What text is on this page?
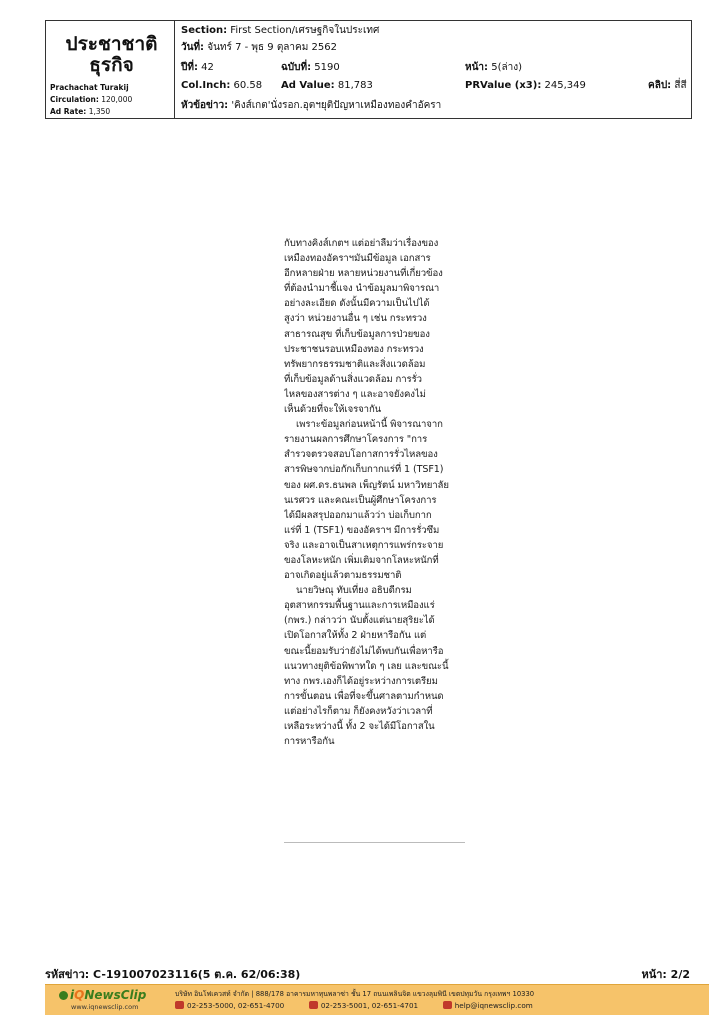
ประชาชาติ
ธุรกิจ
Prachachat Turakij
Circulation: 120,000
Ad Rate: 1,350
Section: First Section/เศรษฐกิจในประเทศ
วันที่: จันทร์ 7 - พุธ 9 ตุลาคม 2562
ปีที่: 42	ฉบับที่: 5190	หน้า: 5(ล่าง)
Col.Inch: 60.58 Ad Value: 81,783	PRValue (x3): 245,349	คลิป: สี่สี
หัวข้อข่าว: 'คิงส์เกต'นั่งรอก.อุตฯยุติปัญหาเหมืองทองคำอัครา
กับทางคิงส์เกตฯ แต่อย่าลืมว่าเรื่องของ
เหมืองทองอัคราฯมันมีข้อมูล เอกสาร
อีกหลายฝ่าย หลายหน่วยงานที่เกี่ยวข้อง
ที่ต้องนำมาชี้แจง นำข้อมูลมาพิจารณา
อย่างละเอียด ดังนั้นมีความเป็นไปได้
สูงว่า หน่วยงานอื่น ๆ เช่น กระทรวง
สาธารณสุข ที่เก็บข้อมูลการป่วยของ
ประชาชนรอบเหมืองทอง กระทรวง
ทรัพยากรธรรมชาติและสิ่งแวดล้อม
ที่เก็บข้อมูลด้านสิ่งแวดล้อม การรั่ว
ไหลของสารต่าง ๆ และอาจยังคงไม่
เห็นด้วยที่จะให้เจรจากัน
เพราะข้อมูลก่อนหน้านี้ พิจารณาจาก
รายงานผลการศึกษาโครงการ "การ
สำรวจตรวจสอบโอกาสการรั่วไหลของ
สารพิษจากบ่อกักเก็บกากแร่ที่ 1 (TSF1)
ของ ผศ.ดร.ธนพล เพ็ญรัตน์ มหาวิทยาลัย
นเรศวร และคณะเป็นผู้ศึกษาโครงการ
ได้มีผลสรุปออกมาแล้วว่า บ่อเก็บกาก
แร่ที่ 1 (TSF1) ของอัคราฯ มีการรั่วซึม
จริง และอาจเป็นสาเหตุการแพร่กระจาย
ของโลหะหนัก เพิ่มเติมจากโลหะหนักที่
อาจเกิดอยู่แล้วตามธรรมชาติ
นายวิษณุ ทับเที่ยง อธิบดีกรม
อุตสาหกรรมพื้นฐานและการเหมืองแร่
(กพร.) กล่าวว่า นับตั้งแต่นายสุริยะได้
เปิดโอกาสให้ทั้ง 2 ฝ่ายหารือกัน แต่
ขณะนี้ยอมรับว่ายังไม่ได้พบกันเพื่อหารือ
แนวทางยุติข้อพิพาทใด ๆ เลย และขณะนี้
ทาง กพร.เองก็ได้อยู่ระหว่างการเตรียม
การขั้นตอน เพื่อที่จะขึ้นศาลตามกำหนด
แต่อย่างไรก็ตาม ก็ยังคงหวังว่าเวลาที่
เหลือระหว่างนี้ ทั้ง 2 จะได้มีโอกาสใน
การหารือกัน
รหัสข่าว: C-191007023116(5 ต.ค. 62/06:38)	หน้า: 2/2
iQNewsClip
www.iqnewsclip.com
บริษัท อินโฟเควสท์ จำกัด | 888/178 อาคารมหาทุนพลาซ่า ชั้น 17 ถนนเพลินจิต แขวงลุมพินี เขตปทุมวัน กรุงเทพฯ 10330
02-253-5000, 02-651-4700	02-253-5001, 02-651-4701	help@iqnewsclip.com
